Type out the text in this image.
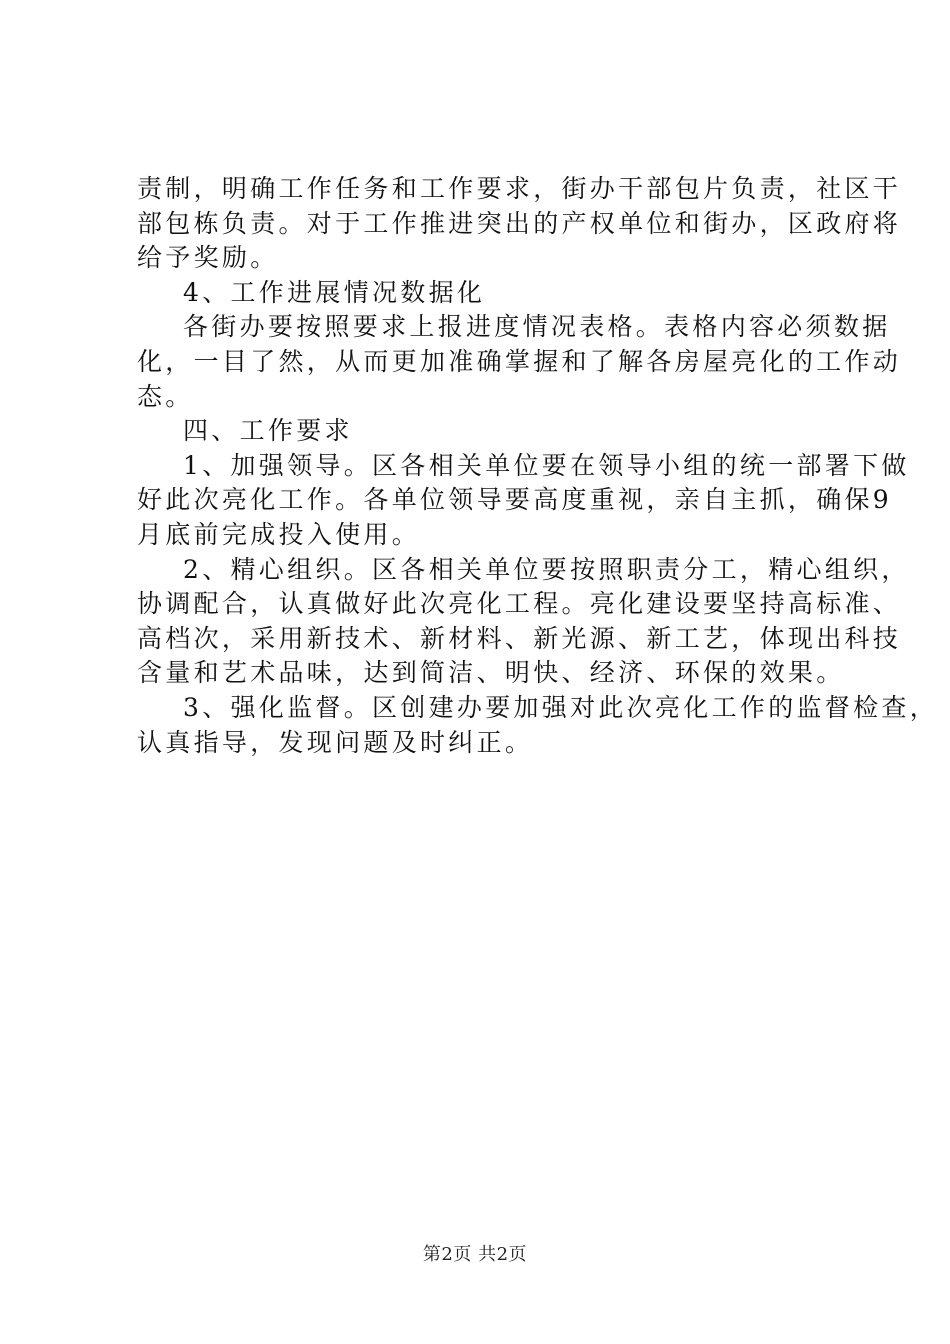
责制，明确工作任务和工作要求，街办干部包片负责，社区干
部包栋负责。对于工作推进突出的产权单位和街办，区政府将
给予奖励。
4、工作进展情况数据化
各街办要按照要求上报进度情况表格。表格内容必须数据
化，一目了然，从而更加准确掌握和了解各房屋亮化的工作动
态。
四、工作要求
1、加强领导。区各相关单位要在领导小组的统一部署下做
好此次亮化工作。各单位领导要高度重视，亲自主抓，确保9
月底前完成投入使用。
2、精心组织。区各相关单位要按照职责分工，精心组织，
协调配合，认真做好此次亮化工程。亮化建设要坚持高标准、
高档次，采用新技术、新材料、新光源、新工艺，体现出科技
含量和艺术品味，达到简洁、明快、经济、环保的效果。
3、强化监督。区创建办要加强对此次亮化工作的监督检查，
认真指导，发现问题及时纠正。
第2页 共2页
